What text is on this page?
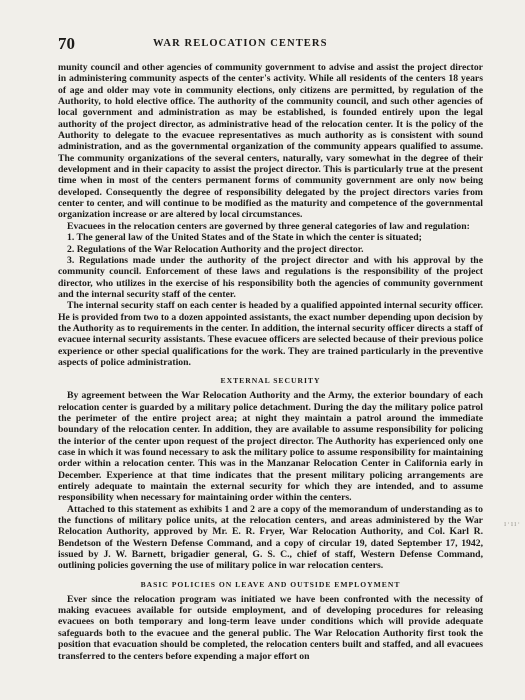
70	WAR RELOCATION CENTERS

munity council and other agencies of community government to advise and assist the project director in administering community aspects of the center's activity. While all residents of the centers 18 years of age and older may vote in community elections, only citizens are permitted, by regulation of the Authority, to hold elective office. The authority of the community council, and such other agencies of local government and administration as may be established, is founded entirely upon the legal authority of the project director, as administrative head of the relocation center. It is the policy of the Authority to delegate to the evacuee representatives as much authority as is consistent with sound administration, and as the governmental organization of the community appears qualified to assume. The community organizations of the several centers, naturally, vary somewhat in the degree of their development and in their capacity to assist the project director. This is particularly true at the present time when in most of the centers permanent forms of community government are only now being developed. Consequently the degree of responsibility delegated by the project directors varies from center to center, and will continue to be modified as the maturity and competence of the governmental organization increase or are altered by local circumstances.

Evacuees in the relocation centers are governed by three general categories of law and regulation:

1. The general law of the United States and of the State in which the center is situated;

2. Regulations of the War Relocation Authority and the project director.

3. Regulations made under the authority of the project director and with his approval by the community council. Enforcement of these laws and regulations is the responsibility of the project director, who utilizes in the exercise of his responsibility both the agencies of community government and the internal security staff of the center.

The internal security staff on each center is headed by a qualified appointed internal security officer. He is provided from two to a dozen appointed assistants, the exact number depending upon decision by the Authority as to requirements in the center. In addition, the internal security officer directs a staff of evacuee internal security assistants. These evacuee officers are selected because of their previous police experience or other special qualifications for the work. They are trained particularly in the preventive aspects of police administration.

EXTERNAL SECURITY

By agreement between the War Relocation Authority and the Army, the exterior boundary of each relocation center is guarded by a military police detachment. During the day the military police patrol the perimeter of the entire project area; at night they maintain a patrol around the immediate boundary of the relocation center. In addition, they are available to assume responsibility for policing the interior of the center upon request of the project director. The Authority has experienced only one case in which it was found necessary to ask the military police to assume responsibility for maintaining order within a relocation center. This was in the Manzanar Relocation Center in California early in December. Experience at that time indicates that the present military policing arrangements are entirely adequate to maintain the external security for which they are intended, and to assume responsibility when necessary for maintaining order within the centers.

Attached to this statement as exhibits 1 and 2 are a copy of the memorandum of understanding as to the functions of military police units, at the relocation centers, and areas administered by the War Relocation Authority, approved by Mr. E. R. Fryer, War Relocation Authority, and Col. Karl R. Bendetson of the Western Defense Command, and a copy of circular 19, dated September 17, 1942, issued by J. W. Barnett, brigadier general, G. S. C., chief of staff, Western Defense Command, outlining policies governing the use of military police in war relocation centers.

BASIC POLICIES ON LEAVE AND OUTSIDE EMPLOYMENT

Ever since the relocation program was initiated we have been confronted with the necessity of making evacuees available for outside employment, and of developing procedures for releasing evacuees on both temporary and long-term leave under conditions which will provide adequate safeguards both to the evacuee and the general public. The War Relocation Authority first took the position that evacuation should be completed, the relocation centers built and staffed, and all evacuees transferred to the centers before expending a major effort on

ı·ıı·
